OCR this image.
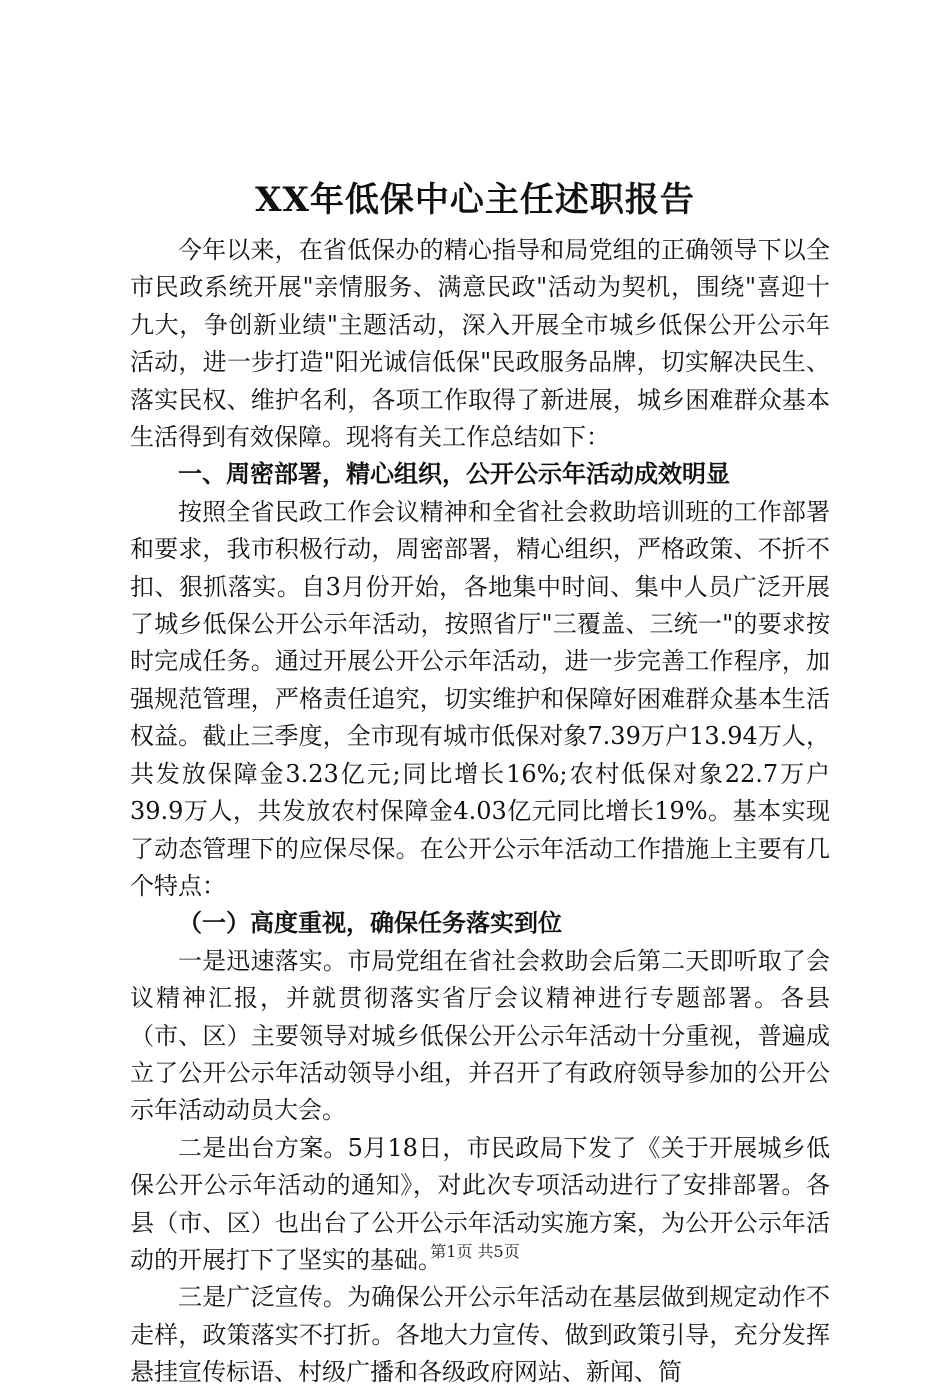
XX年低保中心主任述职报告

今年以来，在省低保办的精心指导和局党组的正确领导下以全市民政系统开展"亲情服务、满意民政"活动为契机，围绕"喜迎十九大，争创新业绩"主题活动，深入开展全市城乡低保公开公示年活动，进一步打造"阳光诚信低保"民政服务品牌，切实解决民生、落实民权、维护名利，各项工作取得了新进展，城乡困难群众基本生活得到有效保障。现将有关工作总结如下：

一、周密部署，精心组织，公开公示年活动成效明显

按照全省民政工作会议精神和全省社会救助培训班的工作部署和要求，我市积极行动，周密部署，精心组织，严格政策、不折不扣、狠抓落实。自3月份开始，各地集中时间、集中人员广泛开展了城乡低保公开公示年活动，按照省厅"三覆盖、三统一"的要求按时完成任务。通过开展公开公示年活动，进一步完善工作程序，加强规范管理，严格责任追究，切实维护和保障好困难群众基本生活权益。截止三季度，全市现有城市低保对象7.39万户13.94万人，共发放保障金3.23亿元;同比增长16%;农村低保对象22.7万户39.9万人，共发放农村保障金4.03亿元同比增长19%。基本实现了动态管理下的应保尽保。在公开公示年活动工作措施上主要有几个特点：

（一）高度重视，确保任务落实到位

一是迅速落实。市局党组在省社会救助会后第二天即听取了会议精神汇报，并就贯彻落实省厅会议精神进行专题部署。各县（市、区）主要领导对城乡低保公开公示年活动十分重视，普遍成立了公开公示年活动领导小组，并召开了有政府领导参加的公开公示年活动动员大会。

二是出台方案。5月18日，市民政局下发了《关于开展城乡低保公开公示年活动的通知》，对此次专项活动进行了安排部署。各县（市、区）也出台了公开公示年活动实施方案，为公开公示年活动的开展打下了坚实的基础。

三是广泛宣传。为确保公开公示年活动在基层做到规定动作不走样，政策落实不打折。各地大力宣传、做到政策引导，充分发挥悬挂宣传标语、村级广播和各级政府网站、新闻、简

第1页 共5页
